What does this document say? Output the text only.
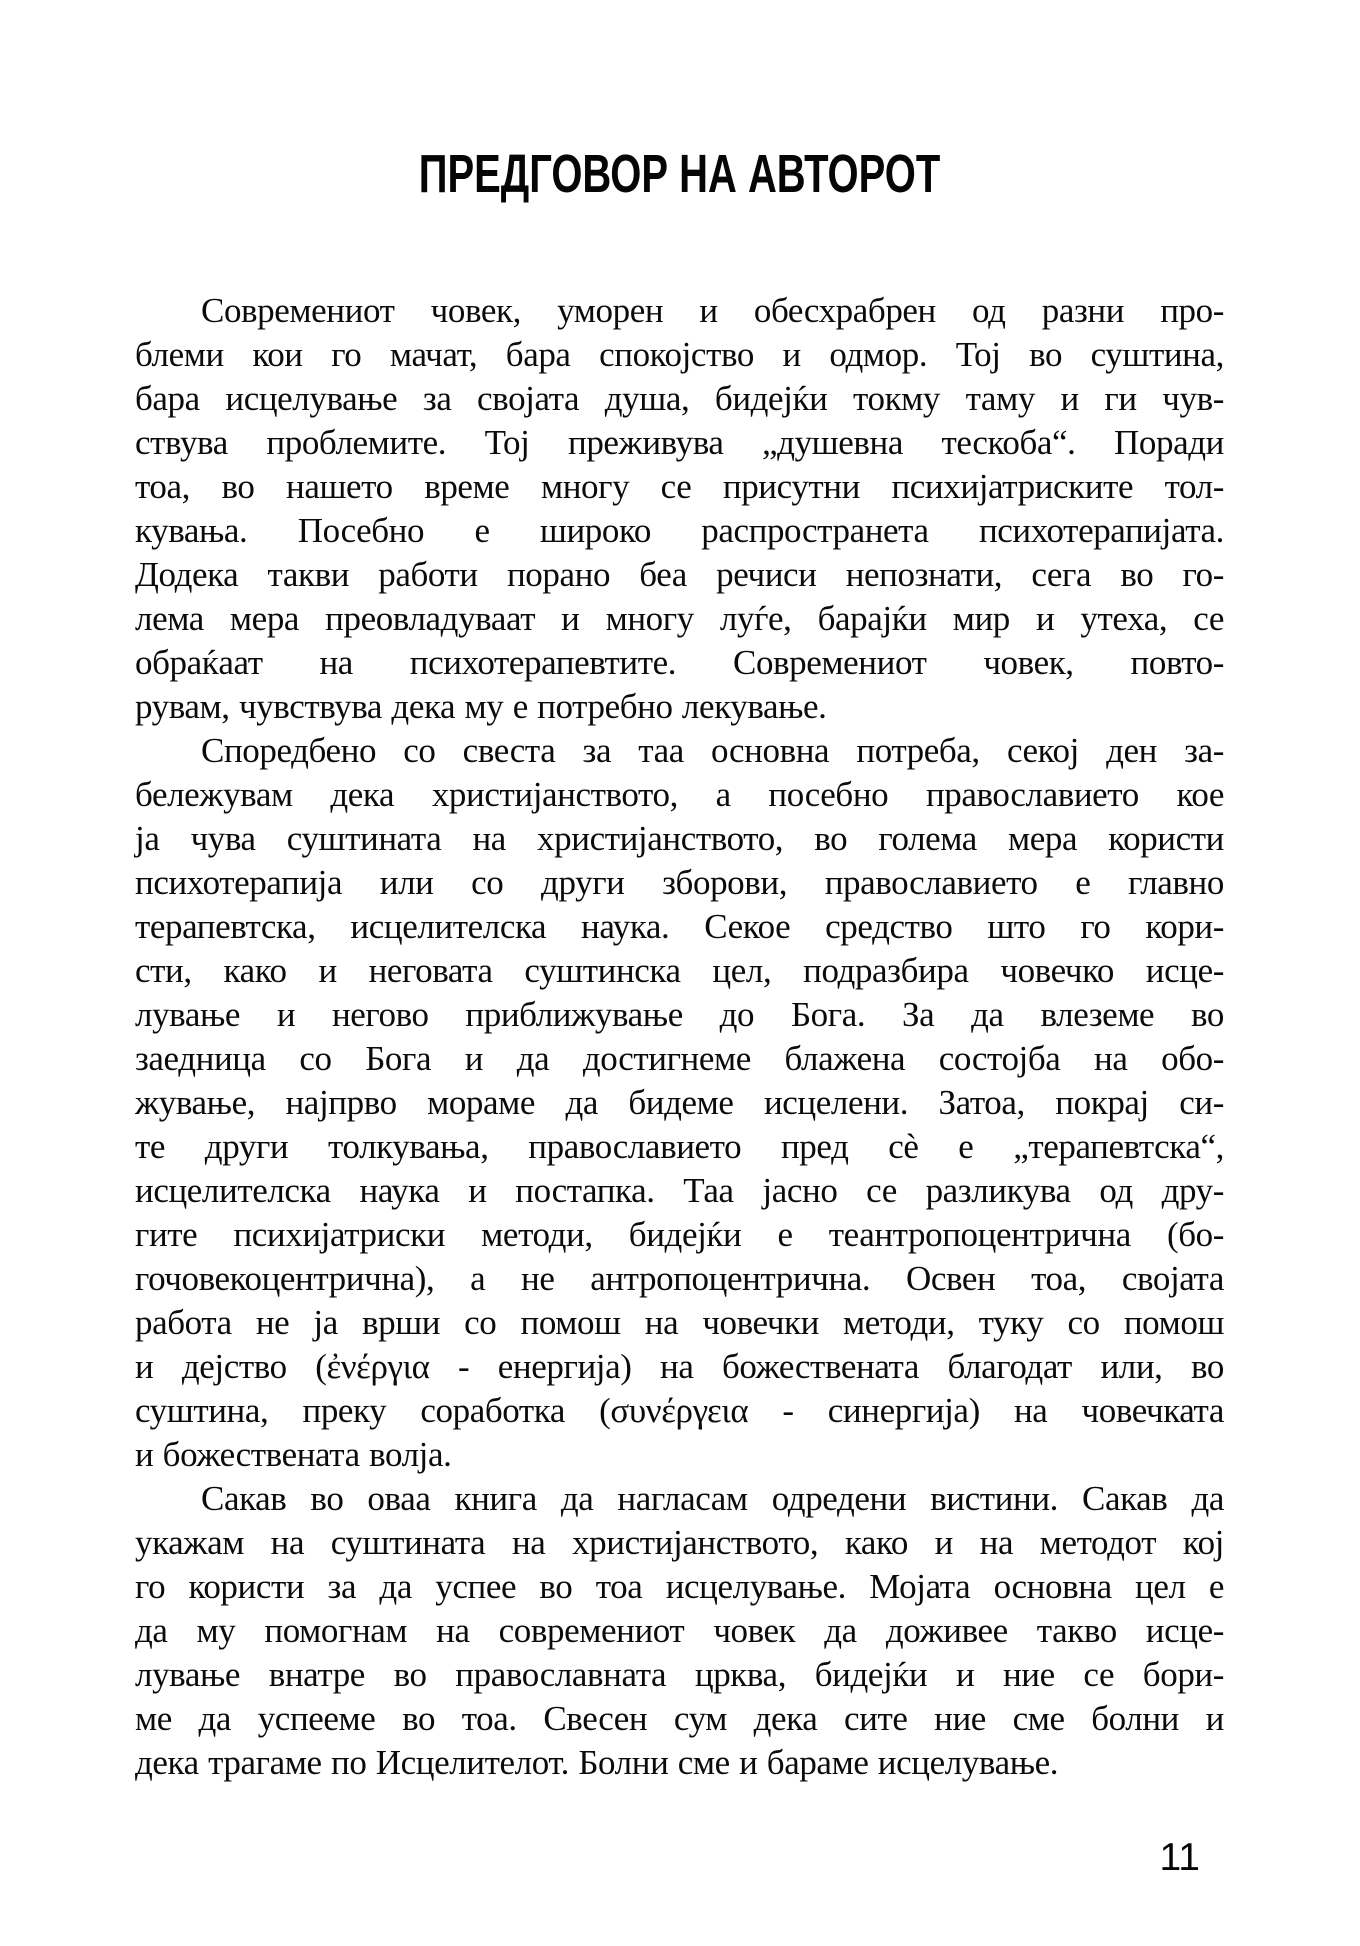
ПРЕДГОВОР НА АВТОРОТ

Современиот човек, уморен и обесхрабрен од разни про-
блеми кои го мачат, бара спокојство и одмор. Тој во суштина,
бара исцелување за својата душа, бидејќи токму таму и ги чув-
ствува проблемите. Тој преживува „душевна тескоба“. Поради
тоа, во нашето време многу се присутни психијатриските тол-
кувања. Посебно е широко распространета психотерапијата.
Додека такви работи порано беа речиси непознати, сега во го-
лема мера преовладуваат и многу луѓе, барајќи мир и утеха, се
обраќаат на психотерапевтите. Современиот човек, повто-
рувам, чувствува дека му е потребно лекување.

Споредбено со свеста за таа основна потреба, секој ден за-
бележувам дека христијанството, а посебно православието кое
ја чува суштината на христијанството, во голема мера користи
психотерапија или со други зборови, православието е главно
терапевтска, исцелителска наука. Секое средство што го кори-
сти, како и неговата суштинска цел, подразбира човечко исце-
лување и негово приближување до Бога. За да влеземе во
заедница со Бога и да достигнеме блажена состојба на обо-
жување, најпрво мораме да бидеме исцелени. Затоа, покрај си-
те други толкувања, православието пред сè е „терапевтска“,
исцелителска наука и постапка. Таа јасно се разликува од дру-
гите психијатриски методи, бидејќи е теантропоцентрична (бо-
гочовекоцентрична), а не антропоцентрична. Освен тоа, својата
работа не ја врши со помош на човечки методи, туку со помош
и дејство (ἐνέργια - енергија) на божествената благодат или, во
суштина, преку соработка (συνέργεια - синергија) на човечката
и божествената волја.

Сакав во оваа книга да нагласам одредени вистини. Сакав да
укажам на суштината на христијанството, како и на методот кој
го користи за да успее во тоа исцелување. Мојата основна цел е
да му помогнам на современиот човек да доживее такво исце-
лување внатре во православната црква, бидејќи и ние се бори-
ме да успееме во тоа. Свесен сум дека сите ние сме болни и
дека трагаме по Исцелителот. Болни сме и бараме исцелување.

11
